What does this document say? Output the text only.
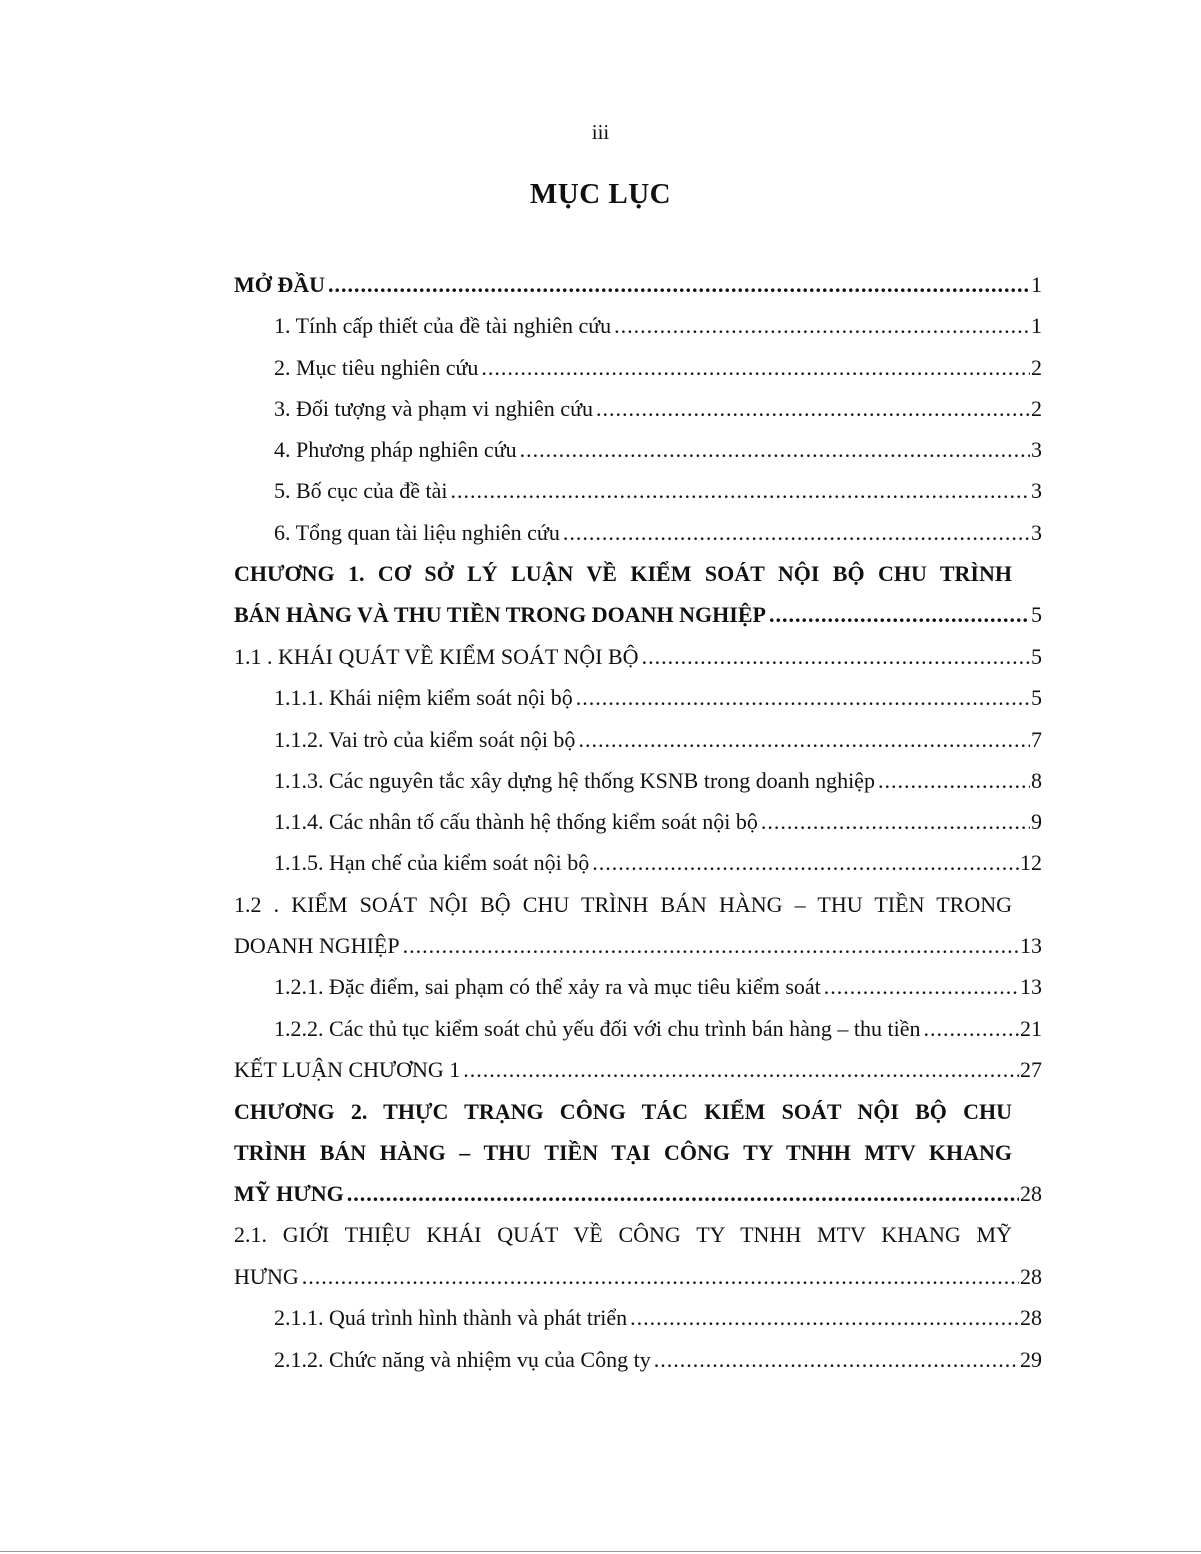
iii
MỤC LỤC
MỞ ĐẦU .....	1
1. Tính cấp thiết của đề tài nghiên cứu .....	1
2. Mục tiêu nghiên cứu .....	2
3. Đối tượng và phạm vi nghiên cứu .....	2
4. Phương pháp nghiên cứu .....	3
5. Bố cục của đề tài .....	3
6. Tổng quan tài liệu nghiên cứu .....	3
CHƯƠNG 1. CƠ SỞ LÝ LUẬN VỀ KIỂM SOÁT NỘI BỘ CHU TRÌNH
BÁN HÀNG VÀ THU TIỀN TRONG DOANH NGHIỆP .....	5
1.1 . KHÁI QUÁT VỀ KIỂM SOÁT NỘI BỘ .....	5
1.1.1. Khái niệm kiểm soát nội bộ .....	5
1.1.2. Vai trò của kiểm soát nội bộ .....	7
1.1.3. Các nguyên tắc xây dựng hệ thống KSNB trong doanh nghiệp .....	8
1.1.4. Các nhân tố cấu thành hệ thống kiểm soát nội bộ .....	9
1.1.5. Hạn chế của kiểm soát nội bộ .....	12
1.2 . KIỂM SOÁT NỘI BỘ CHU TRÌNH BÁN HÀNG – THU TIỀN TRONG
DOANH NGHIỆP .....	13
1.2.1. Đặc điểm, sai phạm có thể xảy ra và mục tiêu kiểm soát .....	13
1.2.2. Các thủ tục kiểm soát chủ yếu đối với chu trình bán hàng – thu tiền .....	21
KẾT LUẬN CHƯƠNG 1 .....	27
CHƯƠNG 2. THỰC TRẠNG CÔNG TÁC KIỂM SOÁT NỘI BỘ CHU
TRÌNH BÁN HÀNG – THU TIỀN TẠI CÔNG TY TNHH MTV KHANG
MỸ HƯNG .....	28
2.1. GIỚI THIỆU KHÁI QUÁT VỀ CÔNG TY TNHH MTV KHANG MỸ
HƯNG .....	28
2.1.1. Quá trình hình thành và phát triển .....	28
2.1.2. Chức năng và nhiệm vụ của Công ty .....	29
